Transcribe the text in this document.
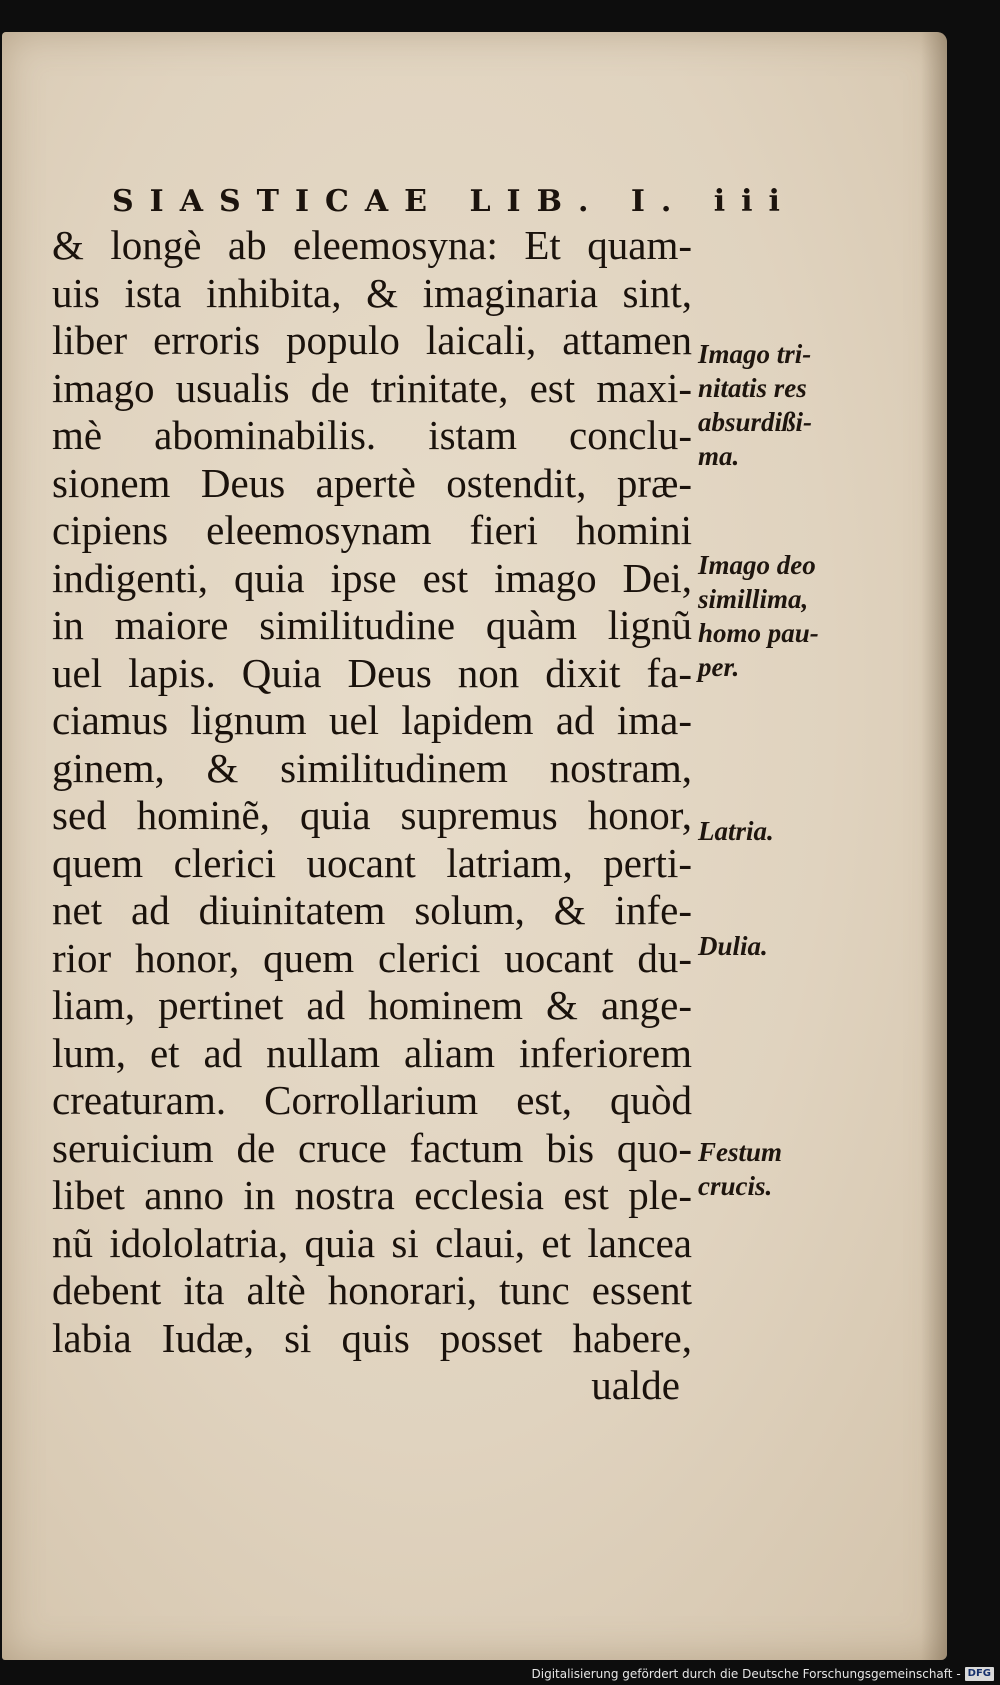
SIASTICAE LIB. I. iii
& longè ab eleemosyna: Et quam-
uis ista inhibita, & imaginaria sint,
liber erroris populo laicali, attamen
imago usualis de trinitate, est maxi-
mè abominabilis. istam conclu-
sionem Deus apertè ostendit, præ-
cipiens eleemosynam fieri homini
indigenti, quia ipse est imago Dei,
in maiore similitudine quàm lignũ
uel lapis. Quia Deus non dixit fa-
ciamus lignum uel lapidem ad ima-
ginem, & similitudinem nostram,
sed hominẽ, quia supremus honor,
quem clerici uocant latriam, perti-
net ad diuinitatem solum, & infe-
rior honor, quem clerici uocant du-
liam, pertinet ad hominem & ange-
lum, et ad nullam aliam inferiorem
creaturam. Corrollarium est, quòd
seruicium de cruce factum bis quo-
libet anno in nostra ecclesia est ple-
nũ idololatria, quia si claui, et lancea
debent ita altè honorari, tunc essent
labia Iudæ, si quis posset habere,
ualde
Imago tri-
nitatis res
absurdißi-
ma.
Imago deo
simillima,
homo pau-
per.
Latria.
Dulia.
Festum
crucis.
Digitalisierung gefördert durch die Deutsche Forschungsgemeinschaft - DFG
